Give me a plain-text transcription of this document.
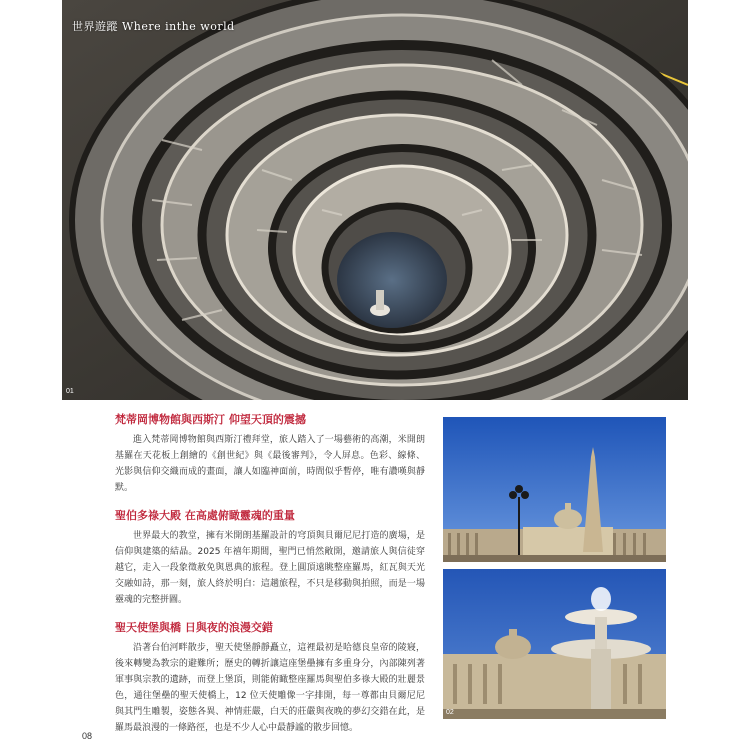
世界遊蹤 Where inthe world
01
梵蒂岡博物館與西斯汀 仰望天頂的震撼

進入梵蒂岡博物館與西斯汀禮拜堂，旅人踏入了一場藝術的高潮，米開朗基羅在天花板上創繪的《創世紀》與《最後審判》，令人屏息。色彩、線條、光影與信仰交織而成的畫面，讓人如臨神面前，時間似乎暫停，唯有讚嘆與靜默。

聖伯多祿大殿 在高處俯瞰靈魂的重量

世界最大的教堂，擁有米開朗基羅設計的穹頂與貝爾尼尼打造的廣場，是信仰與建築的結晶。2025 年禧年期間，聖門已悄然敞開，邀請旅人與信徒穿越它，走入一段象徵赦免與恩典的旅程。登上圓頂遠眺整座羅馬，紅瓦與天光交融如詩，那一刻，旅人終於明白：這趟旅程，不只是移動與拍照，而是一場靈魂的完整拼圖。

聖天使堡與橋 日與夜的浪漫交錯

沿著台伯河畔散步，聖天使堡靜靜矗立，這裡最初是哈德良皇帝的陵寢，後來轉變為教宗的避難所；歷史的轉折讓這座堡壘擁有多重身分，內部陳列著軍事與宗教的遺跡，而登上堡頂，則能俯瞰整座羅馬與聖伯多祿大殿的壯麗景色，通往堡壘的聖天使橋上，12 位天使雕像一字排開，每一尊都由貝爾尼尼與其門生雕製，姿態各異、神情莊嚴，白天的莊嚴與夜晚的夢幻交錯在此，是羅馬最浪漫的一條路徑，也是不少人心中最靜謐的散步回憶。

02
08
